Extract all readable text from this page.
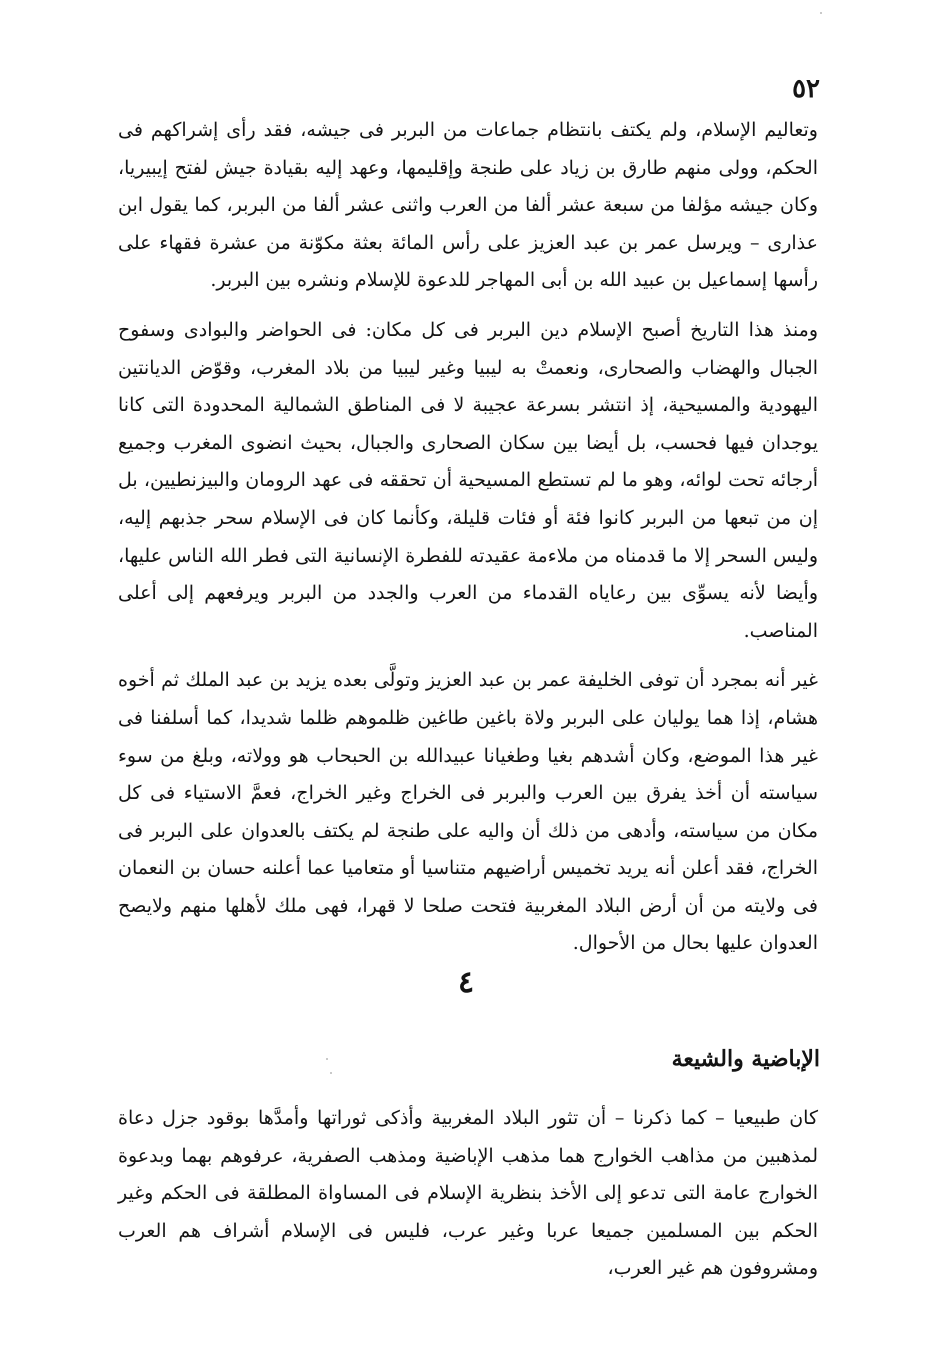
٥٢

وتعاليم الإسلام، ولم يكتف بانتظام جماعات من البربر فى جيشه، فقد رأى إشراكهم فى الحكم، وولى منهم طارق بن زياد على طنجة وإقليمها، وعهد إليه بقيادة جيش لفتح إيبيريا، وكان جيشه مؤلفا من سبعة عشر ألفا من العرب واثنى عشر ألفا من البربر، كما يقول ابن عذارى – ويرسل عمر بن عبد العزيز على رأس المائة بعثة مكوّنة من عشرة فقهاء على رأسها إسماعيل بن عبيد الله بن أبى المهاجر للدعوة للإسلام ونشره بين البربر.

ومنذ هذا التاريخ أصبح الإسلام دين البربر فى كل مكان: فى الحواضر والبوادى وسفوح الجبال والهضاب والصحارى، ونعمتْ به ليبيا وغير ليبيا من بلاد المغرب، وقوّض الديانتين اليهودية والمسيحية، إذ انتشر بسرعة عجيبة لا فى المناطق الشمالية المحدودة التى كانا يوجدان فيها فحسب، بل أيضا بين سكان الصحارى والجبال، بحيث انضوى المغرب وجميع أرجائه تحت لوائه، وهو ما لم تستطع المسيحية أن تحققه فى عهد الرومان والبيزنطيين، بل إن من تبعها من البربر كانوا فئة أو فئات قليلة، وكأنما كان فى الإسلام سحر جذبهم إليه، وليس السحر إلا ما قدمناه من ملاءمة عقيدته للفطرة الإنسانية التى فطر الله الناس عليها، وأيضا لأنه يسوِّى بين رعاياه القدماء من العرب والجدد من البربر ويرفعهم إلى أعلى المناصب.

غير أنه بمجرد أن توفى الخليفة عمر بن عبد العزيز وتولَّى بعده يزيد بن عبد الملك ثم أخوه هشام، إذا هما يوليان على البربر ولاة باغين طاغين ظلموهم ظلما شديدا، كما أسلفنا فى غير هذا الموضع، وكان أشدهم بغيا وطغيانا عبيدالله بن الحبحاب هو وولاته، وبلغ من سوء سياسته أن أخذ يفرق بين العرب والبربر فى الخراج وغير الخراج، فعمَّ الاستياء فى كل مكان من سياسته، وأدهى من ذلك أن واليه على طنجة لم يكتف بالعدوان على البربر فى الخراج، فقد أعلن أنه يريد تخميس أراضيهم متناسيا أو متعاميا عما أعلنه حسان بن النعمان فى ولايته من أن أرض البلاد المغربية فتحت صلحا لا قهرا، فهى ملك لأهلها منهم ولايصح العدوان عليها بحال من الأحوال.

٤
الإباضية والشيعة

كان طبيعيا – كما ذكرنا – أن تثور البلاد المغربية وأذكى ثوراتها وأمدَّها بوقود جزل دعاة لمذهبين من مذاهب الخوارج هما مذهب الإباضية ومذهب الصفرية، عرفوهم بهما وبدعوة الخوارج عامة التى تدعو إلى الأخذ بنظرية الإسلام فى المساواة المطلقة فى الحكم وغير الحكم بين المسلمين جميعا عربا وغير عرب، فليس فى الإسلام أشراف هم العرب ومشروفون هم غير العرب،
